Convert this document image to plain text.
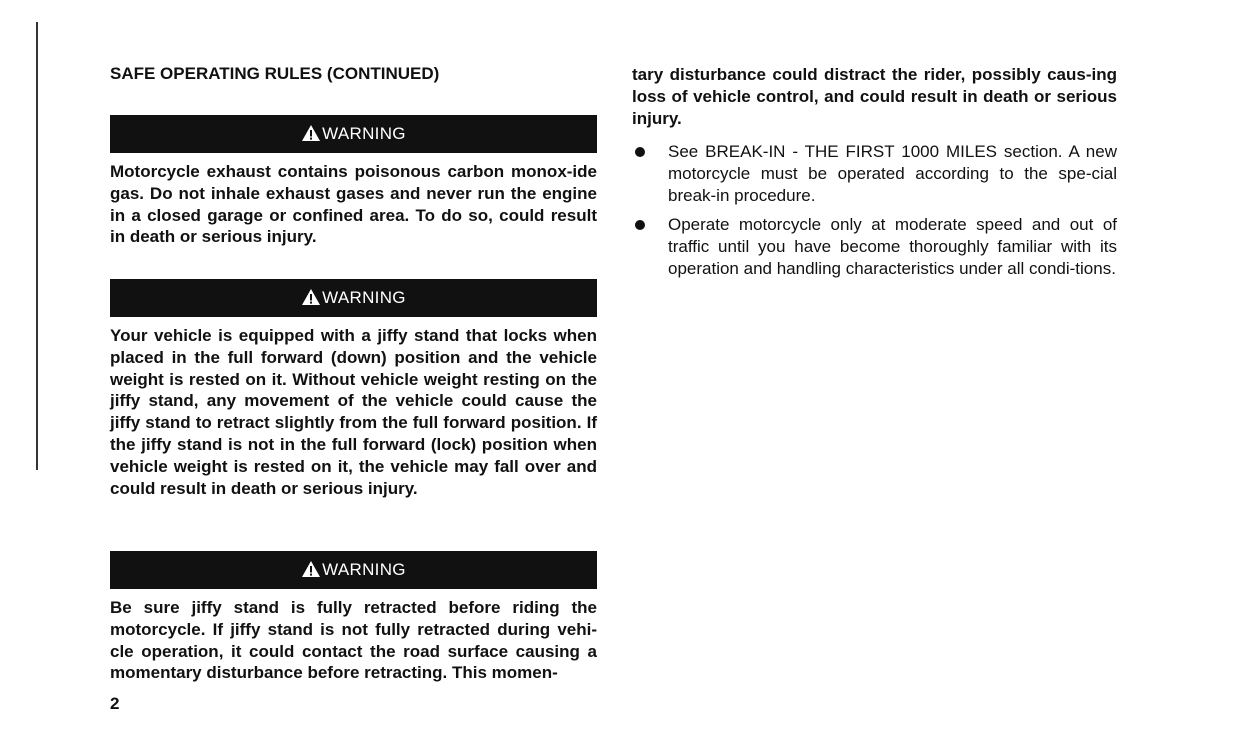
SAFE OPERATING RULES (CONTINUED)
WARNING

Motorcycle exhaust contains poisonous carbon monox-ide gas. Do not inhale exhaust gases and never run the engine in a closed garage or confined area. To do so, could result in death or serious injury.

WARNING

Your vehicle is equipped with a jiffy stand that locks when placed in the full forward (down) position and the vehicle weight is rested on it. Without vehicle weight resting on the jiffy stand, any movement of the vehicle could cause the jiffy stand to retract slightly from the full forward position. If the jiffy stand is not in the full forward (lock) position when vehicle weight is rested on it, the vehicle may fall over and could result in death or serious injury.

WARNING

Be sure jiffy stand is fully retracted before riding the motorcycle. If jiffy stand is not fully retracted during vehi-cle operation, it could contact the road surface causing a momentary disturbance before retracting. This momen-

2

tary disturbance could distract the rider, possibly caus-ing loss of vehicle control, and could result in death or serious injury.

See BREAK-IN - THE FIRST 1000 MILES section. A new motorcycle must be operated according to the spe-cial break-in procedure.
Operate motorcycle only at moderate speed and out of traffic until you have become thoroughly familiar with its operation and handling characteristics under all condi-tions.
